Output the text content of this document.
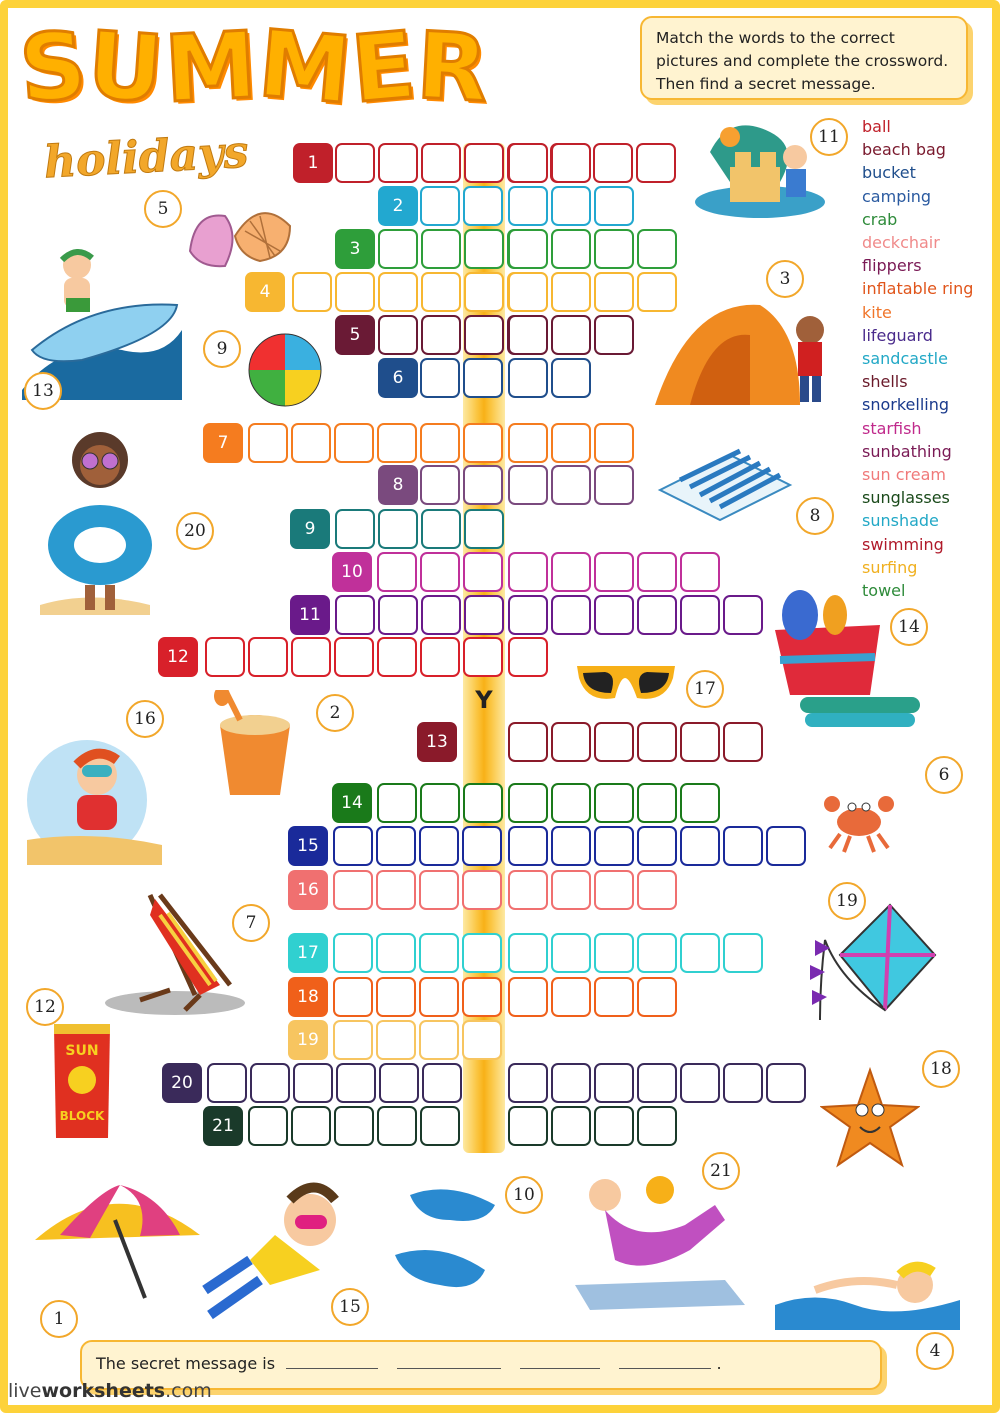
S
U
M
M
E
R
holidays
Match the words to the correct
pictures and complete the crossword.
Then find a secret message.
ball
beach bag
bucket
camping
crab
deckchair
flippers
inflatable ring
kite
lifeguard
sandcastle
shells
snorkelling
starfish
sunbathing
sun cream
sunglasses
sunshade
swimming
surfing
towel
1
2
3
4
5
6
7
8
9
10
11
12
13
14
15
16
17
18
19
20
21
Y
SUN
BLOCK
1
2
3
4
5
6
7
8
9
10
11
12
13
14
15
16
17
18
19
20
21
The secret message is	.
liveworksheets.com
